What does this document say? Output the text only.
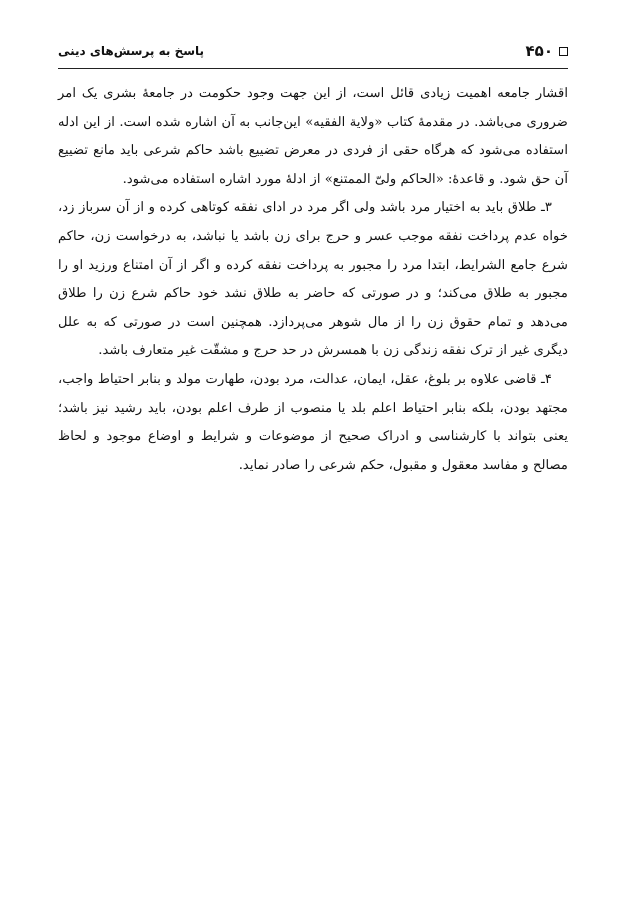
۴۵۰
پاسخ به پرسش‌های دینی

اقشار جامعه اهمیت زیادی قائل است، از این جهت وجود حکومت در جامعهٔ بشری یک امر ضروری می‌باشد. در مقدمهٔ کتاب «ولایة الفقیه» این‌جانب به آن اشاره شده است. از این ادله استفاده می‌شود که هرگاه حقی از فردی در معرض تضییع باشد حاکم شرعی باید مانع تضییع آن حق شود. و قاعدهٔ: «الحاکم ولیّ الممتنع» از ادلهٔ مورد اشاره استفاده می‌شود.

۳ـ طلاق باید به اختیار مرد باشد ولی اگر مرد در ادای نفقه کوتاهی کرده و از آن سرباز زد، خواه عدم پرداخت نفقه موجب عسر و حرج برای زن باشد یا نباشد، به درخواست زن، حاکم شرع جامع الشرایط، ابتدا مرد را مجبور به پرداخت نفقه کرده و اگر از آن امتناع ورزید او را مجبور به طلاق می‌کند؛ و در صورتی که حاضر به طلاق نشد خود حاکم شرع زن را طلاق می‌دهد و تمام حقوق زن را از مال شوهر می‌پردازد. همچنین است در صورتی که به علل دیگری غیر از ترک نفقه زندگی زن با همسرش در حد حرج و مشقّت غیر متعارف باشد.

۴ـ قاضی علاوه بر بلوغ، عقل، ایمان، عدالت، مرد بودن، طهارت مولد و بنابر احتیاط واجب، مجتهد بودن، بلکه بنابر احتیاط اعلم بلد یا منصوب از طرف اعلم بودن، باید رشید نیز باشد؛ یعنی بتواند با کارشناسی و ادراک صحیح از موضوعات و شرایط و اوضاع موجود و لحاظ مصالح و مفاسد معقول و مقبول، حکم شرعی را صادر نماید.
